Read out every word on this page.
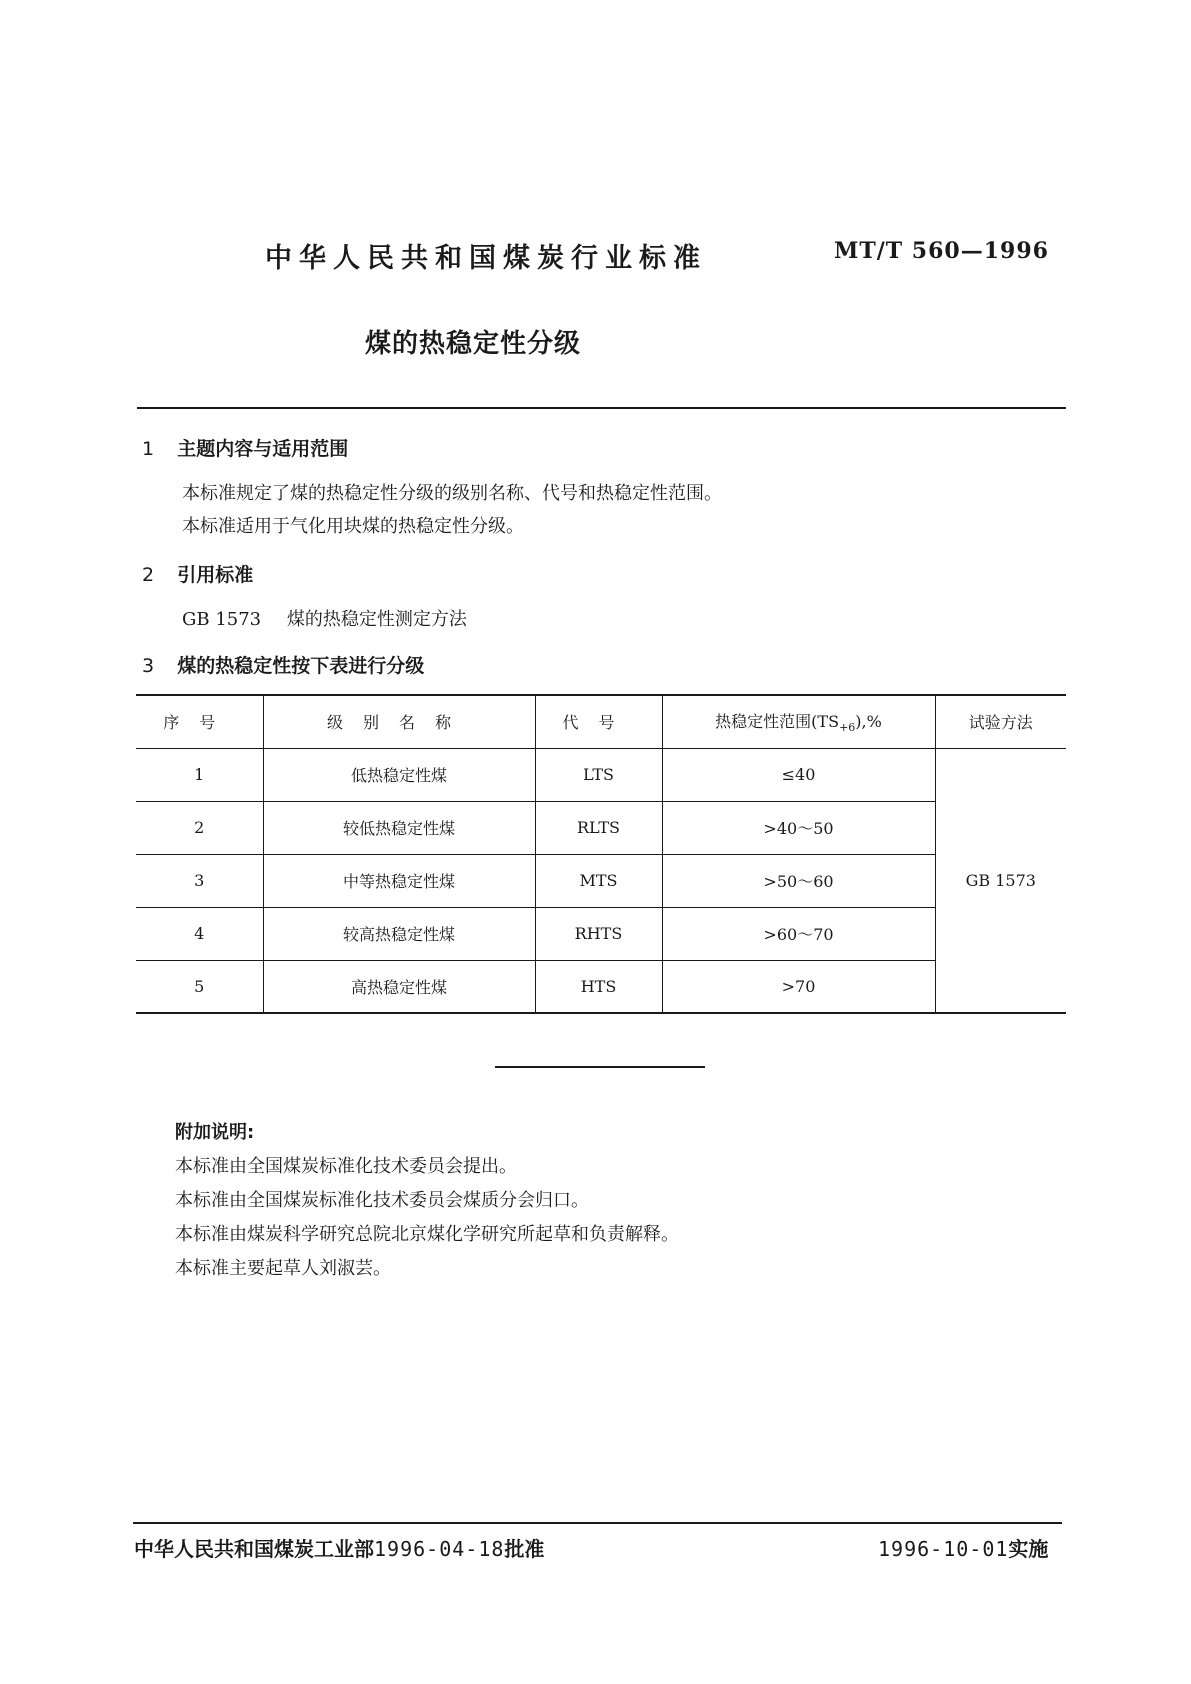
中华人民共和国煤炭行业标准	MT/T 560—1996
煤的热稳定性分级
1 主题内容与适用范围
本标准规定了煤的热稳定性分级的级别名称、代号和热稳定性范围。
本标准适用于气化用块煤的热稳定性分级。
2 引用标准
GB 1573 煤的热稳定性测定方法
3 煤的热稳定性按下表进行分级
序号	级别名称	代号	热稳定性范围$(TS_{+6}),\%$	试验方法
1	低热稳定性煤	LTS	≤40	GB 1573
2	较低热稳定性煤	RLTS	>40～50	
3	中等热稳定性煤	MTS	>50～60	
4	较高热稳定性煤	RHTS	>60～70	
5	高热稳定性煤	HTS	>70	
附加说明:
本标准由全国煤炭标准化技术委员会提出。
本标准由全国煤炭标准化技术委员会煤质分会归口。
本标准由煤炭科学研究总院北京煤化学研究所起草和负责解释。
本标准主要起草人刘淑芸。
中华人民共和国煤炭工业部1996-04-18批准	1996-10-01实施
